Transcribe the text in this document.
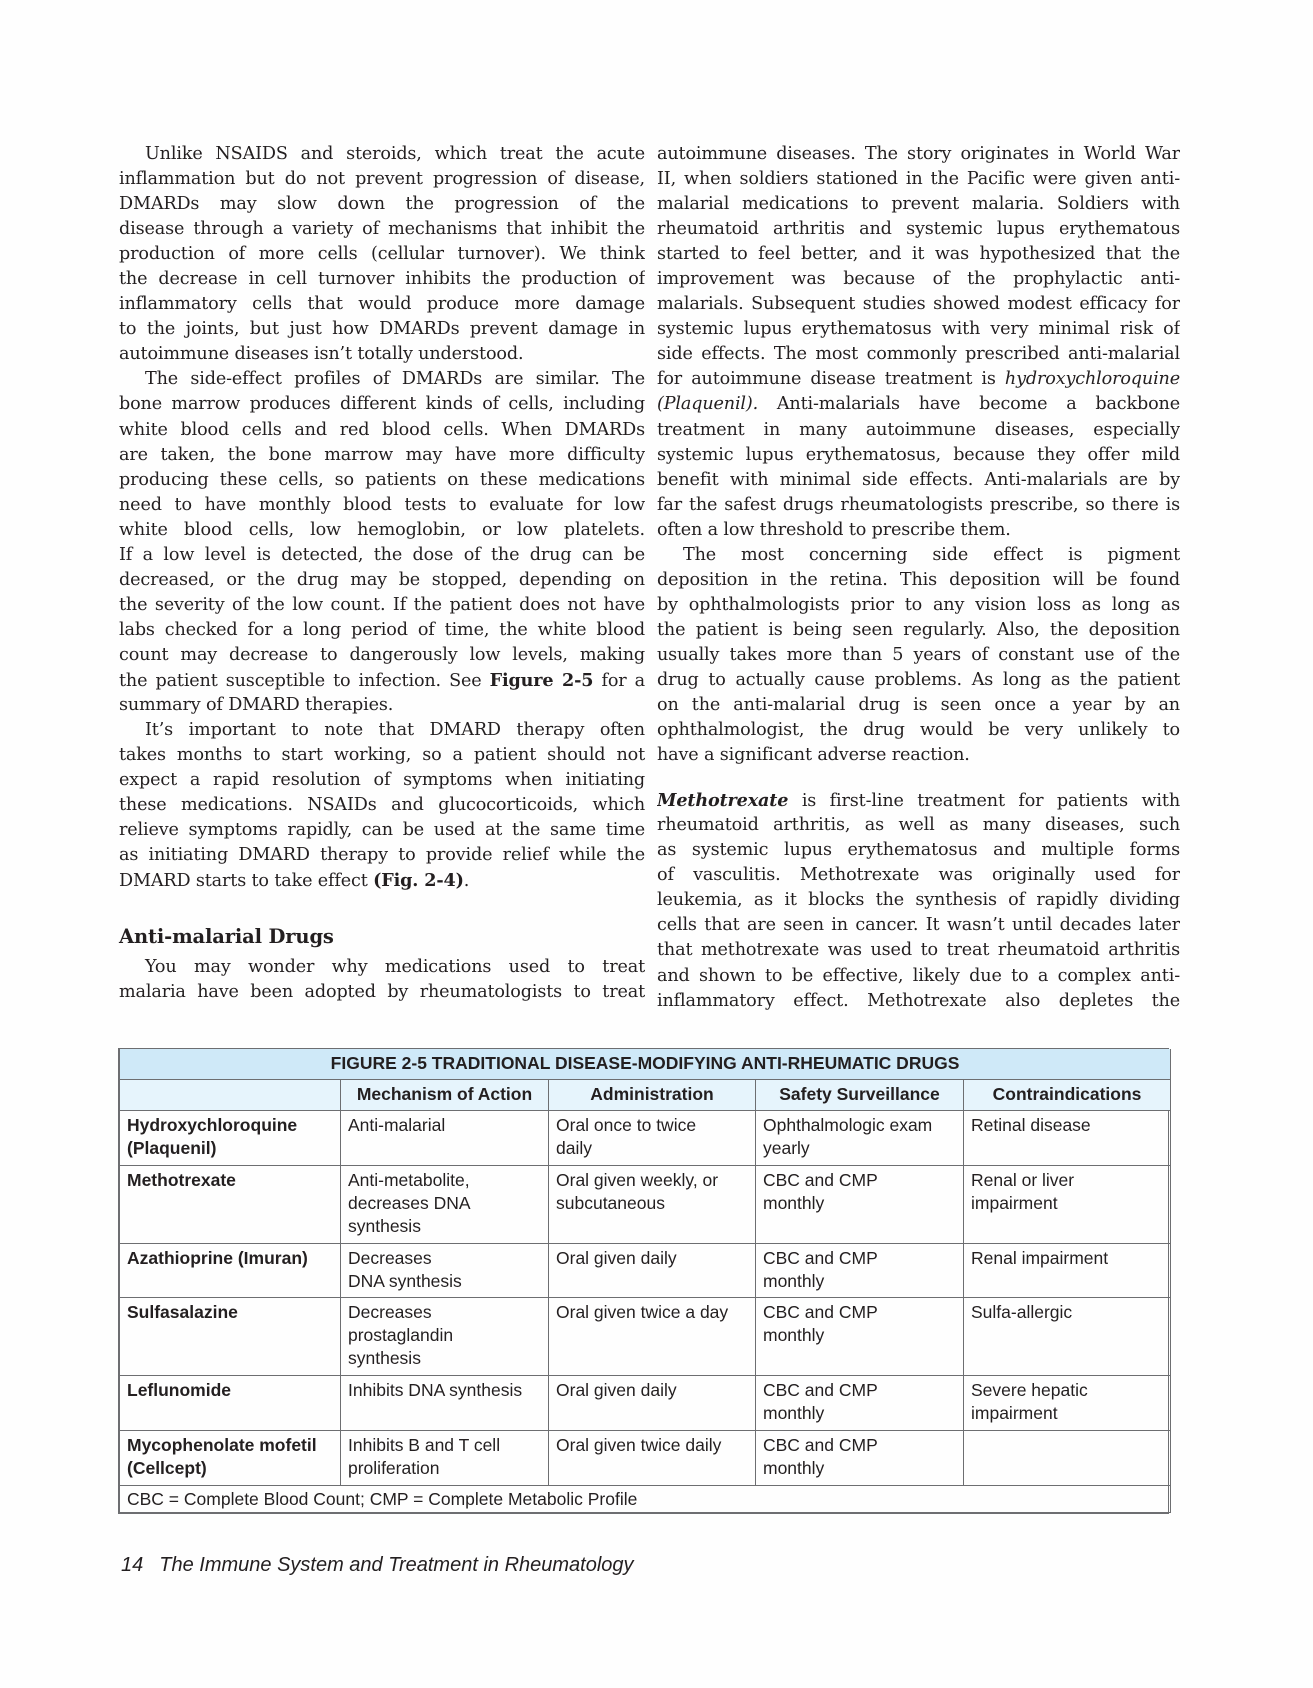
Unlike NSAIDS and steroids, which treat the acute
inflammation but do not prevent progression of disease,
DMARDs may slow down the progression of the
disease through a variety of mechanisms that inhibit the
production of more cells (cellular turnover). We think
the decrease in cell turnover inhibits the production of
inflammatory cells that would produce more damage
to the joints, but just how DMARDs prevent damage in
autoimmune diseases isn’t totally understood.
The side-effect profiles of DMARDs are similar. The
bone marrow produces different kinds of cells, including
white blood cells and red blood cells. When DMARDs
are taken, the bone marrow may have more difficulty
producing these cells, so patients on these medications
need to have monthly blood tests to evaluate for low
white blood cells, low hemoglobin, or low platelets.
If a low level is detected, the dose of the drug can be
decreased, or the drug may be stopped, depending on
the severity of the low count. If the patient does not have
labs checked for a long period of time, the white blood
count may decrease to dangerously low levels, making
the patient susceptible to infection. See Figure 2-5 for a
summary of DMARD therapies.
It’s important to note that DMARD therapy often
takes months to start working, so a patient should not
expect a rapid resolution of symptoms when initiating
these medications. NSAIDs and glucocorticoids, which
relieve symptoms rapidly, can be used at the same time
as initiating DMARD therapy to provide relief while the
DMARD starts to take effect (Fig. 2-4).
Anti-malarial Drugs
You may wonder why medications used to treat
malaria have been adopted by rheumatologists to treat
autoimmune diseases. The story originates in World War
II, when soldiers stationed in the Pacific were given anti-
malarial medications to prevent malaria. Soldiers with
rheumatoid arthritis and systemic lupus erythematous
started to feel better, and it was hypothesized that the
improvement was because of the prophylactic anti-
malarials. Subsequent studies showed modest efficacy for
systemic lupus erythematosus with very minimal risk of
side effects. The most commonly prescribed anti-malarial
for autoimmune disease treatment is hydroxychloroquine
(Plaquenil). Anti-malarials have become a backbone
treatment in many autoimmune diseases, especially
systemic lupus erythematosus, because they offer mild
benefit with minimal side effects. Anti-malarials are by
far the safest drugs rheumatologists prescribe, so there is
often a low threshold to prescribe them.
The most concerning side effect is pigment
deposition in the retina. This deposition will be found
by ophthalmologists prior to any vision loss as long as
the patient is being seen regularly. Also, the deposition
usually takes more than 5 years of constant use of the
drug to actually cause problems. As long as the patient
on the anti-malarial drug is seen once a year by an
ophthalmologist, the drug would be very unlikely to
have a significant adverse reaction.
Methotrexate is first-line treatment for patients with
rheumatoid arthritis, as well as many diseases, such
as systemic lupus erythematosus and multiple forms
of vasculitis. Methotrexate was originally used for
leukemia, as it blocks the synthesis of rapidly dividing
cells that are seen in cancer. It wasn’t until decades later
that methotrexate was used to treat rheumatoid arthritis
and shown to be effective, likely due to a complex anti-
inflammatory effect. Methotrexate also depletes the
FIGURE 2-5 TRADITIONAL DISEASE-MODIFYING ANTI-RHEUMATIC DRUGS				
	Mechanism of Action	Administration	Safety Surveillance	Contraindications

Hydroxychloroquine
(Plaquenil)	Anti-malarial	Oral once to twice
daily	Ophthalmologic exam
yearly	Retinal disease

Methotrexate	Anti-metabolite,
decreases DNA
synthesis	Oral given weekly, or
subcutaneous	CBC and CMP
monthly	Renal or liver
impairment

Azathioprine (Imuran)	Decreases
DNA synthesis	Oral given daily	CBC and CMP
monthly	Renal impairment

Sulfasalazine	Decreases
prostaglandin
synthesis	Oral given twice a day	CBC and CMP
monthly	Sulfa-allergic

Leflunomide	Inhibits DNA synthesis	Oral given daily	CBC and CMP
monthly	Severe hepatic
impairment

Mycophenolate mofetil
(Cellcept)	Inhibits B and T cell
proliferation	Oral given twice daily	CBC and CMP
monthly	

CBC = Complete Blood Count; CMP = Complete Metabolic Profile				
14 The Immune System and Treatment in Rheumatology
